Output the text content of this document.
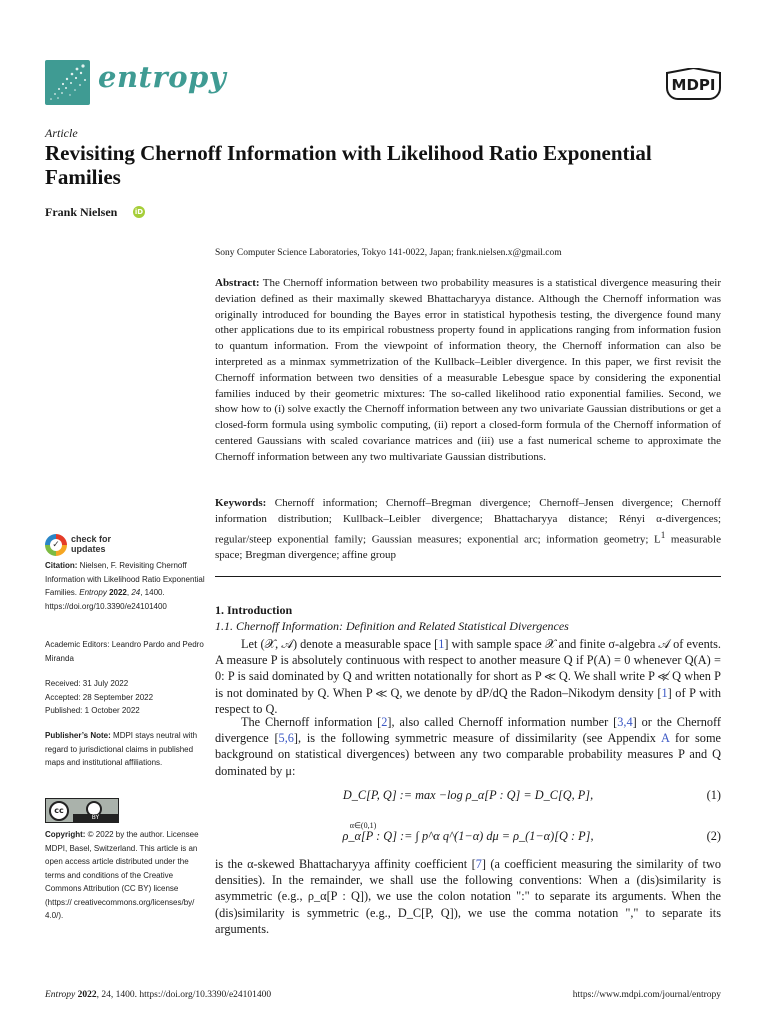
entropy	MDPI
Article
Revisiting Chernoff Information with Likelihood Ratio Exponential Families
Frank Nielsen	iD
Sony Computer Science Laboratories, Tokyo 141-0022, Japan; frank.nielsen.x@gmail.com
Abstract: The Chernoff information between two probability measures is a statistical divergence measuring their deviation defined as their maximally skewed Bhattacharyya distance. Although the Chernoff information was originally introduced for bounding the Bayes error in statistical hypothesis testing, the divergence found many other applications due to its empirical robustness property found in applications ranging from information fusion to quantum information. From the viewpoint of information theory, the Chernoff information can also be interpreted as a minmax symmetrization of the Kullback–Leibler divergence. In this paper, we first revisit the Chernoff information between two densities of a measurable Lebesgue space by considering the exponential families induced by their geometric mixtures: The so-called likelihood ratio exponential families. Second, we show how to (i) solve exactly the Chernoff information between any two univariate Gaussian distributions or get a closed-form formula using symbolic computing, (ii) report a closed-form formula of the Chernoff information of centered Gaussians with scaled covariance matrices and (iii) use a fast numerical scheme to approximate the Chernoff information between any two multivariate Gaussian distributions.
Keywords: Chernoff information; Chernoff–Bregman divergence; Chernoff–Jensen divergence; Chernoff information distribution; Kullback–Leibler divergence; Bhattacharyya distance; Rényi α-divergences; regular/steep exponential family; Gaussian measures; exponential arc; information geometry; $L^1$ measurable space; Bregman divergence; affine group
✓
check for
updates
Citation: Nielsen, F. Revisiting Chernoff Information with Likelihood Ratio Exponential Families. Entropy 2022, 24, 1400. https://doi.org/10.3390/e24101400
Academic Editors: Leandro Pardo and Pedro Miranda
Received: 31 July 2022
Accepted: 28 September 2022
Published: 1 October 2022
Publisher’s Note: MDPI stays neutral with regard to jurisdictional claims in published maps and institutional affiliations.
cc
BY
Copyright: © 2022 by the author. Licensee MDPI, Basel, Switzerland. This article is an open access article distributed under the terms and conditions of the Creative Commons Attribution (CC BY) license (https:// creativecommons.org/licenses/by/ 4.0/).
1. Introduction
1.1. Chernoff Information: Definition and Related Statistical Divergences
Let (𝒳, 𝒜) denote a measurable space [1] with sample space 𝒳 and finite σ-algebra 𝒜 of events. A measure P is absolutely continuous with respect to another measure Q if P(A) = 0 whenever Q(A) = 0: P is said dominated by Q and written notationally for short as P ≪ Q. We shall write P ≪̸ Q when P is not dominated by Q. When P ≪ Q, we denote by dP/dQ the Radon–Nikodym density [1] of P with respect to Q.
The Chernoff information [2], also called Chernoff information number [3,4] or the Chernoff divergence [5,6], is the following symmetric measure of dissimilarity (see Appendix A for some background on statistical divergences) between any two comparable probability measures P and Q dominated by μ:
D_C[P, Q] := max −log ρ_α[P : Q] = D_C[Q, P],
$_{\alpha\in(0,1)}$
(1)
ρ_α[P : Q] := ∫ p^α q^(1−α) dμ = ρ_(1−α)[Q : P],	(2)
is the α-skewed Bhattacharyya affinity coefficient [7] (a coefficient measuring the similarity of two densities). In the remainder, we shall use the following conventions: When a (dis)similarity is asymmetric (e.g., ρ_α[P : Q]), we use the colon notation ":" to separate its arguments. When the (dis)similarity is symmetric (e.g., D_C[P, Q]), we use the comma notation "," to separate its arguments.
Entropy 2022, 24, 1400. https://doi.org/10.3390/e24101400	https://www.mdpi.com/journal/entropy
